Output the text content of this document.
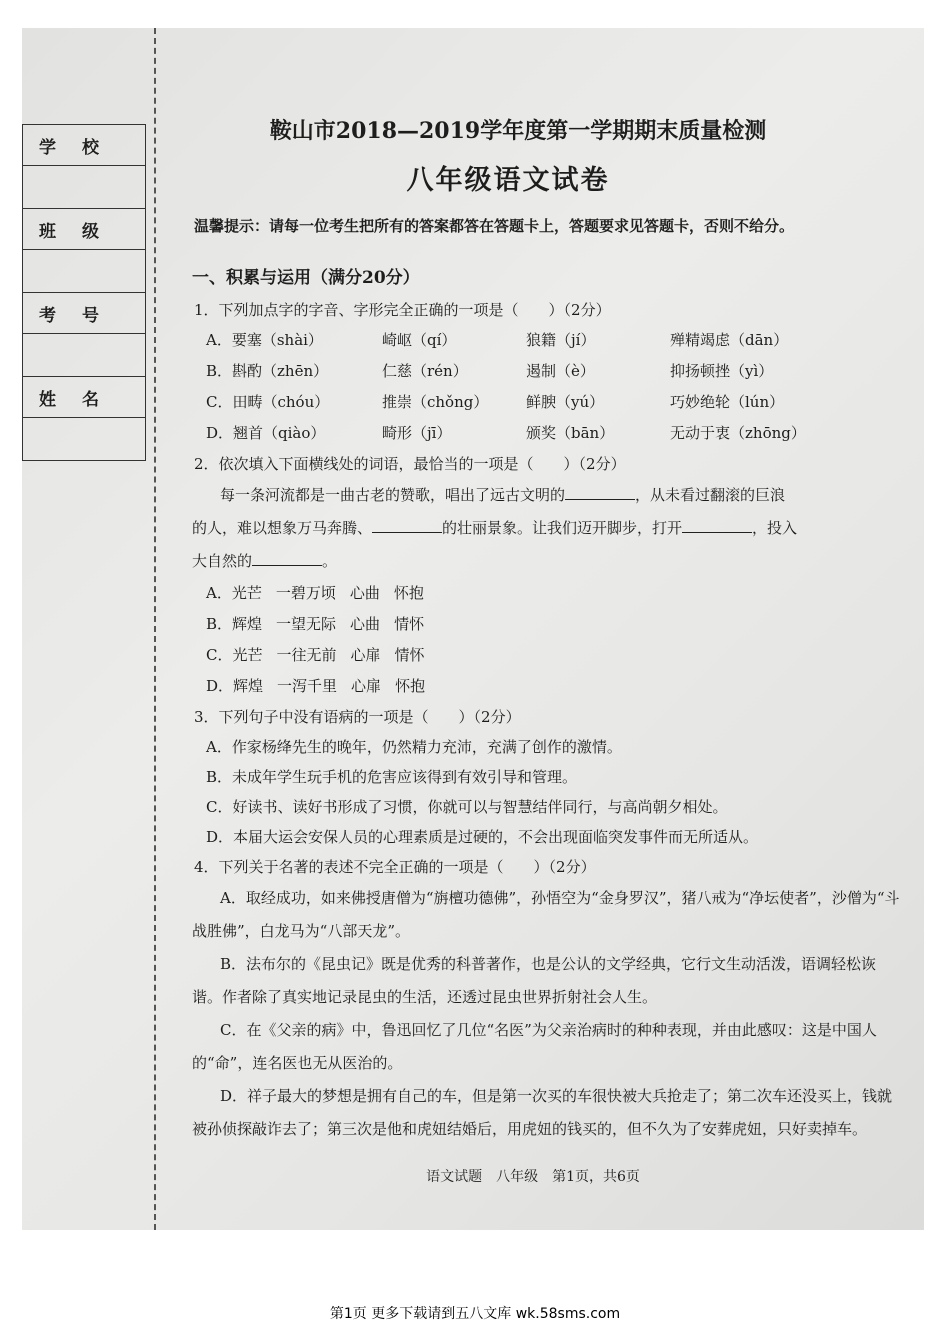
学校

班级

考号

姓名

鞍山市2018—2019学年度第一学期期末质量检测
八年级语文试卷
温馨提示：请每一位考生把所有的答案都答在答题卡上，答题要求见答题卡，否则不给分。
一、积累与运用（满分20分）
1．下列加点字的字音、字形完全正确的一项是（　　）（2分）
A．要塞（shài）	崎岖（qí）	狼籍（jí）	殚精竭虑（dān）
B．斟酌（zhēn）	仁慈（rén）	遏制（è）	抑扬顿挫（yì）
C．田畴（chóu）	推崇（chǒng）	鲜腴（yú）	巧妙绝轮（lún）
D．翘首（qiào）	畸形（jī）	颁奖（bān）	无动于衷（zhōng）
2．依次填入下面横线处的词语，最恰当的一项是（　　）（2分）
每一条河流都是一曲古老的赞歌，唱出了远古文明的	，从未看过翻滚的巨浪
的人，难以想象万马奔腾、	的壮丽景象。让我们迈开脚步，打开	，投入
大自然的	。
A．光芒 一碧万顷 心曲 怀抱
B．辉煌 一望无际 心曲 情怀
C．光芒 一往无前 心扉 情怀
D．辉煌 一泻千里 心扉 怀抱
3．下列句子中没有语病的一项是（　　）（2分）
A．作家杨绛先生的晚年，仍然精力充沛，充满了创作的激情。
B．未成年学生玩手机的危害应该得到有效引导和管理。
C．好读书、读好书形成了习惯，你就可以与智慧结伴同行，与高尚朝夕相处。
D．本届大运会安保人员的心理素质是过硬的，不会出现面临突发事件而无所适从。
4．下列关于名著的表述不完全正确的一项是（　　）（2分）
A．取经成功，如来佛授唐僧为“旃檀功德佛”，孙悟空为“金身罗汉”，猪八戒为“净坛使者”，沙僧为“斗战胜佛”，白龙马为“八部天龙”。
B．法布尔的《昆虫记》既是优秀的科普著作，也是公认的文学经典，它行文生动活泼，语调轻松诙谐。作者除了真实地记录昆虫的生活，还透过昆虫世界折射社会人生。
C．在《父亲的病》中，鲁迅回忆了几位“名医”为父亲治病时的种种表现，并由此感叹：这是中国人的“命”，连名医也无从医治的。
D．祥子最大的梦想是拥有自己的车，但是第一次买的车很快被大兵抢走了；第二次车还没买上，钱就被孙侦探敲诈去了；第三次是他和虎妞结婚后，用虎妞的钱买的，但不久为了安葬虎妞，只好卖掉车。
语文试题　八年级　第1页，共6页
第1页 更多下载请到五八文库 wk.58sms.com
